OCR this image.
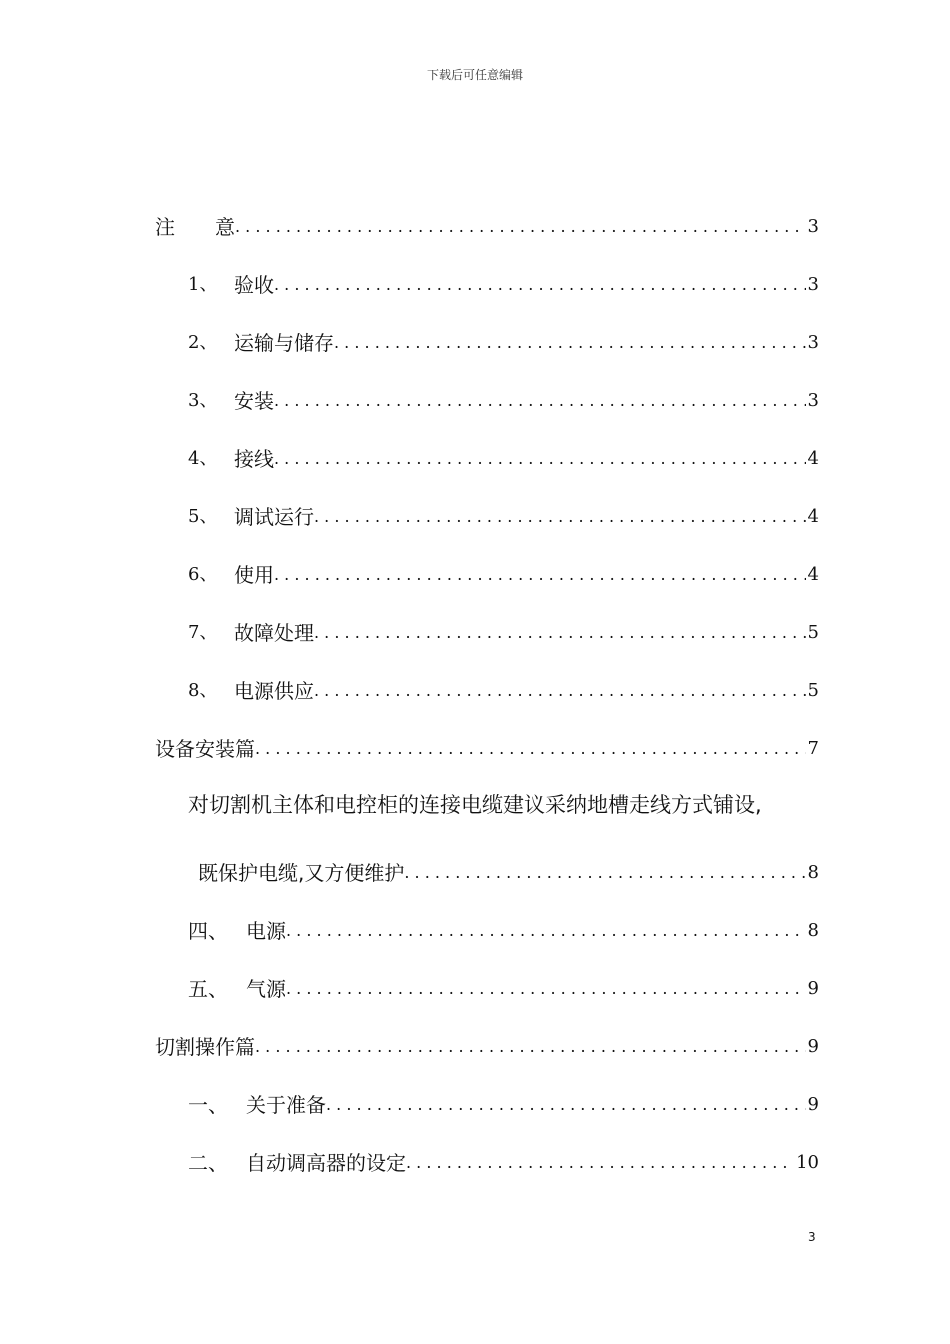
下载后可任意编辑
注　　意 . . .	3
1、 验收 . . .	3
2、 运输与储存 . . .	3
3、 安装 . . .	3
4、 接线 . . .	4
5、 调试运行 . . .	4
6、 使用 . . .	4
7、 故障处理 . . .	5
8、 电源供应 . . .	5
设备安装篇 . . .	7
对切割机主体和电控柜的连接电缆建议采纳地槽走线方式铺设,
既保护电缆,又方便维护 . . .	8
四、 电源 . . .	8
五、 气源 . . .	9
切割操作篇 . . .	9
一、 关于准备 . . .	9
二、 自动调高器的设定 . . .	10
3
